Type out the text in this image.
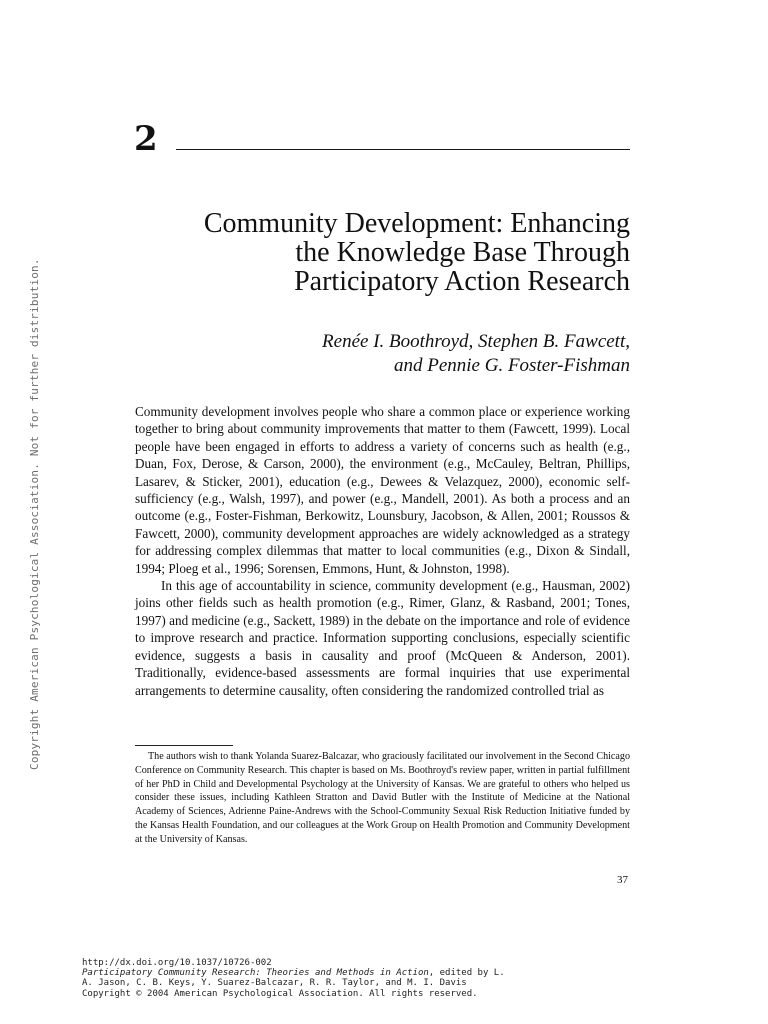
Copyright American Psychological Association. Not for further distribution.
2
Community Development: Enhancing
the Knowledge Base Through
Participatory Action Research
Renée I. Boothroyd, Stephen B. Fawcett,
and Pennie G. Foster-Fishman

Community development involves people who share a common place or experience working together to bring about community improvements that matter to them (Fawcett, 1999). Local people have been engaged in efforts to address a variety of concerns such as health (e.g., Duan, Fox, Derose, & Carson, 2000), the environment (e.g., McCauley, Beltran, Phillips, Lasarev, & Sticker, 2001), education (e.g., Dewees & Velazquez, 2000), economic self-sufficiency (e.g., Walsh, 1997), and power (e.g., Mandell, 2001). As both a process and an outcome (e.g., Foster-Fishman, Berkowitz, Lounsbury, Jacobson, & Allen, 2001; Roussos & Fawcett, 2000), community development approaches are widely acknowledged as a strategy for addressing complex dilemmas that matter to local communities (e.g., Dixon & Sindall, 1994; Ploeg et al., 1996; Sorensen, Emmons, Hunt, & Johnston, 1998).

In this age of accountability in science, community development (e.g., Hausman, 2002) joins other fields such as health promotion (e.g., Rimer, Glanz, & Rasband, 2001; Tones, 1997) and medicine (e.g., Sackett, 1989) in the debate on the importance and role of evidence to improve research and practice. Information supporting conclusions, especially scientific evidence, suggests a basis in causality and proof (McQueen & Anderson, 2001). Traditionally, evidence-based assessments are formal inquiries that use experimental arrangements to determine causality, often considering the randomized controlled trial as

The authors wish to thank Yolanda Suarez-Balcazar, who graciously facilitated our involvement in the Second Chicago Conference on Community Research. This chapter is based on Ms. Boothroyd's review paper, written in partial fulfillment of her PhD in Child and Developmental Psychology at the University of Kansas. We are grateful to others who helped us consider these issues, including Kathleen Stratton and David Butler with the Institute of Medicine at the National Academy of Sciences, Adrienne Paine-Andrews with the School-Community Sexual Risk Reduction Initiative funded by the Kansas Health Foundation, and our colleagues at the Work Group on Health Promotion and Community Development at the University of Kansas.

37
http://dx.doi.org/10.1037/10726-002
Participatory Community Research: Theories and Methods in Action, edited by L.
A. Jason, C. B. Keys, Y. Suarez-Balcazar, R. R. Taylor, and M. I. Davis
Copyright © 2004 American Psychological Association. All rights reserved.
